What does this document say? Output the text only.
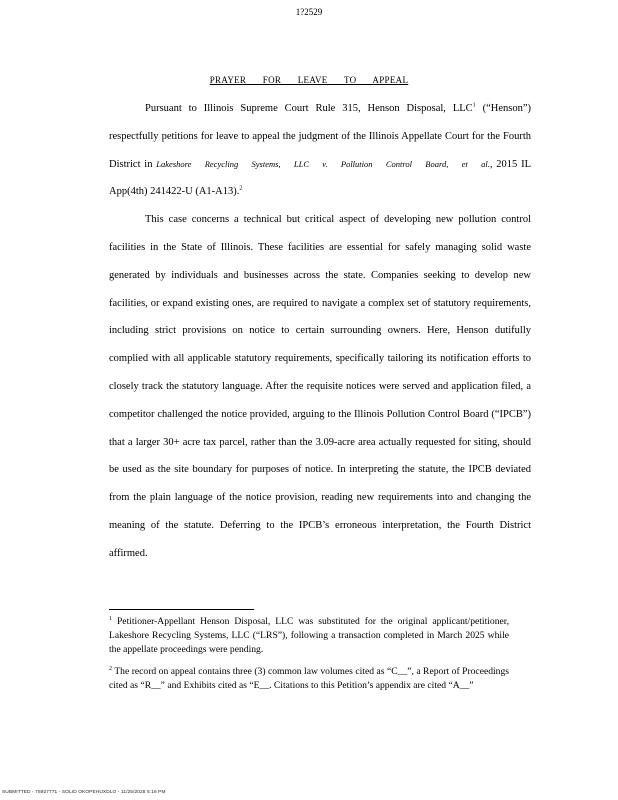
1?2529
PRAYER FOR LEAVE TO APPEAL

Pursuant to Illinois Supreme Court Rule 315, Henson Disposal, LLC$^1$ (“Henson”) respectfully petitions for leave to appeal the judgment of the Illinois Appellate Court for the Fourth District in Lakeshore Recycling Systems, LLC v. Pollution Control Board, et al., 2015 IL App(4th) 241422-U (A1-A13).$^2$

This case concerns a technical but critical aspect of developing new pollution control facilities in the State of Illinois. These facilities are essential for safely managing solid waste generated by individuals and businesses across the state. Companies seeking to develop new facilities, or expand existing ones, are required to navigate a complex set of statutory requirements, including strict provisions on notice to certain surrounding owners. Here, Henson dutifully complied with all applicable statutory requirements, specifically tailoring its notification efforts to closely track the statutory language. After the requisite notices were served and application filed, a competitor challenged the notice provided, arguing to the Illinois Pollution Control Board (“IPCB”) that a larger 30+ acre tax parcel, rather than the 3.09-acre area actually requested for siting, should be used as the site boundary for purposes of notice. In interpreting the statute, the IPCB deviated from the plain language of the notice provision, reading new requirements into and changing the meaning of the statute. Deferring to the IPCB’s erroneous interpretation, the Fourth District affirmed.

$^1$ Petitioner-Appellant Henson Disposal, LLC was substituted for the original applicant/petitioner, Lakeshore Recycling Systems, LLC (“LRS”), following a transaction completed in March 2025 while the appellate proceedings were pending.

$^2$ The record on appeal contains three (3) common law volumes cited as “C__”, a Report of Proceedings cited as “R__” and Exhibits cited as “E__. Citations to this Petition’s appendix are cited “A__”

SUBMITTED - 75927771 - SOLID OKOPEHUXDLO - 11/25/2025 5:16 PM
